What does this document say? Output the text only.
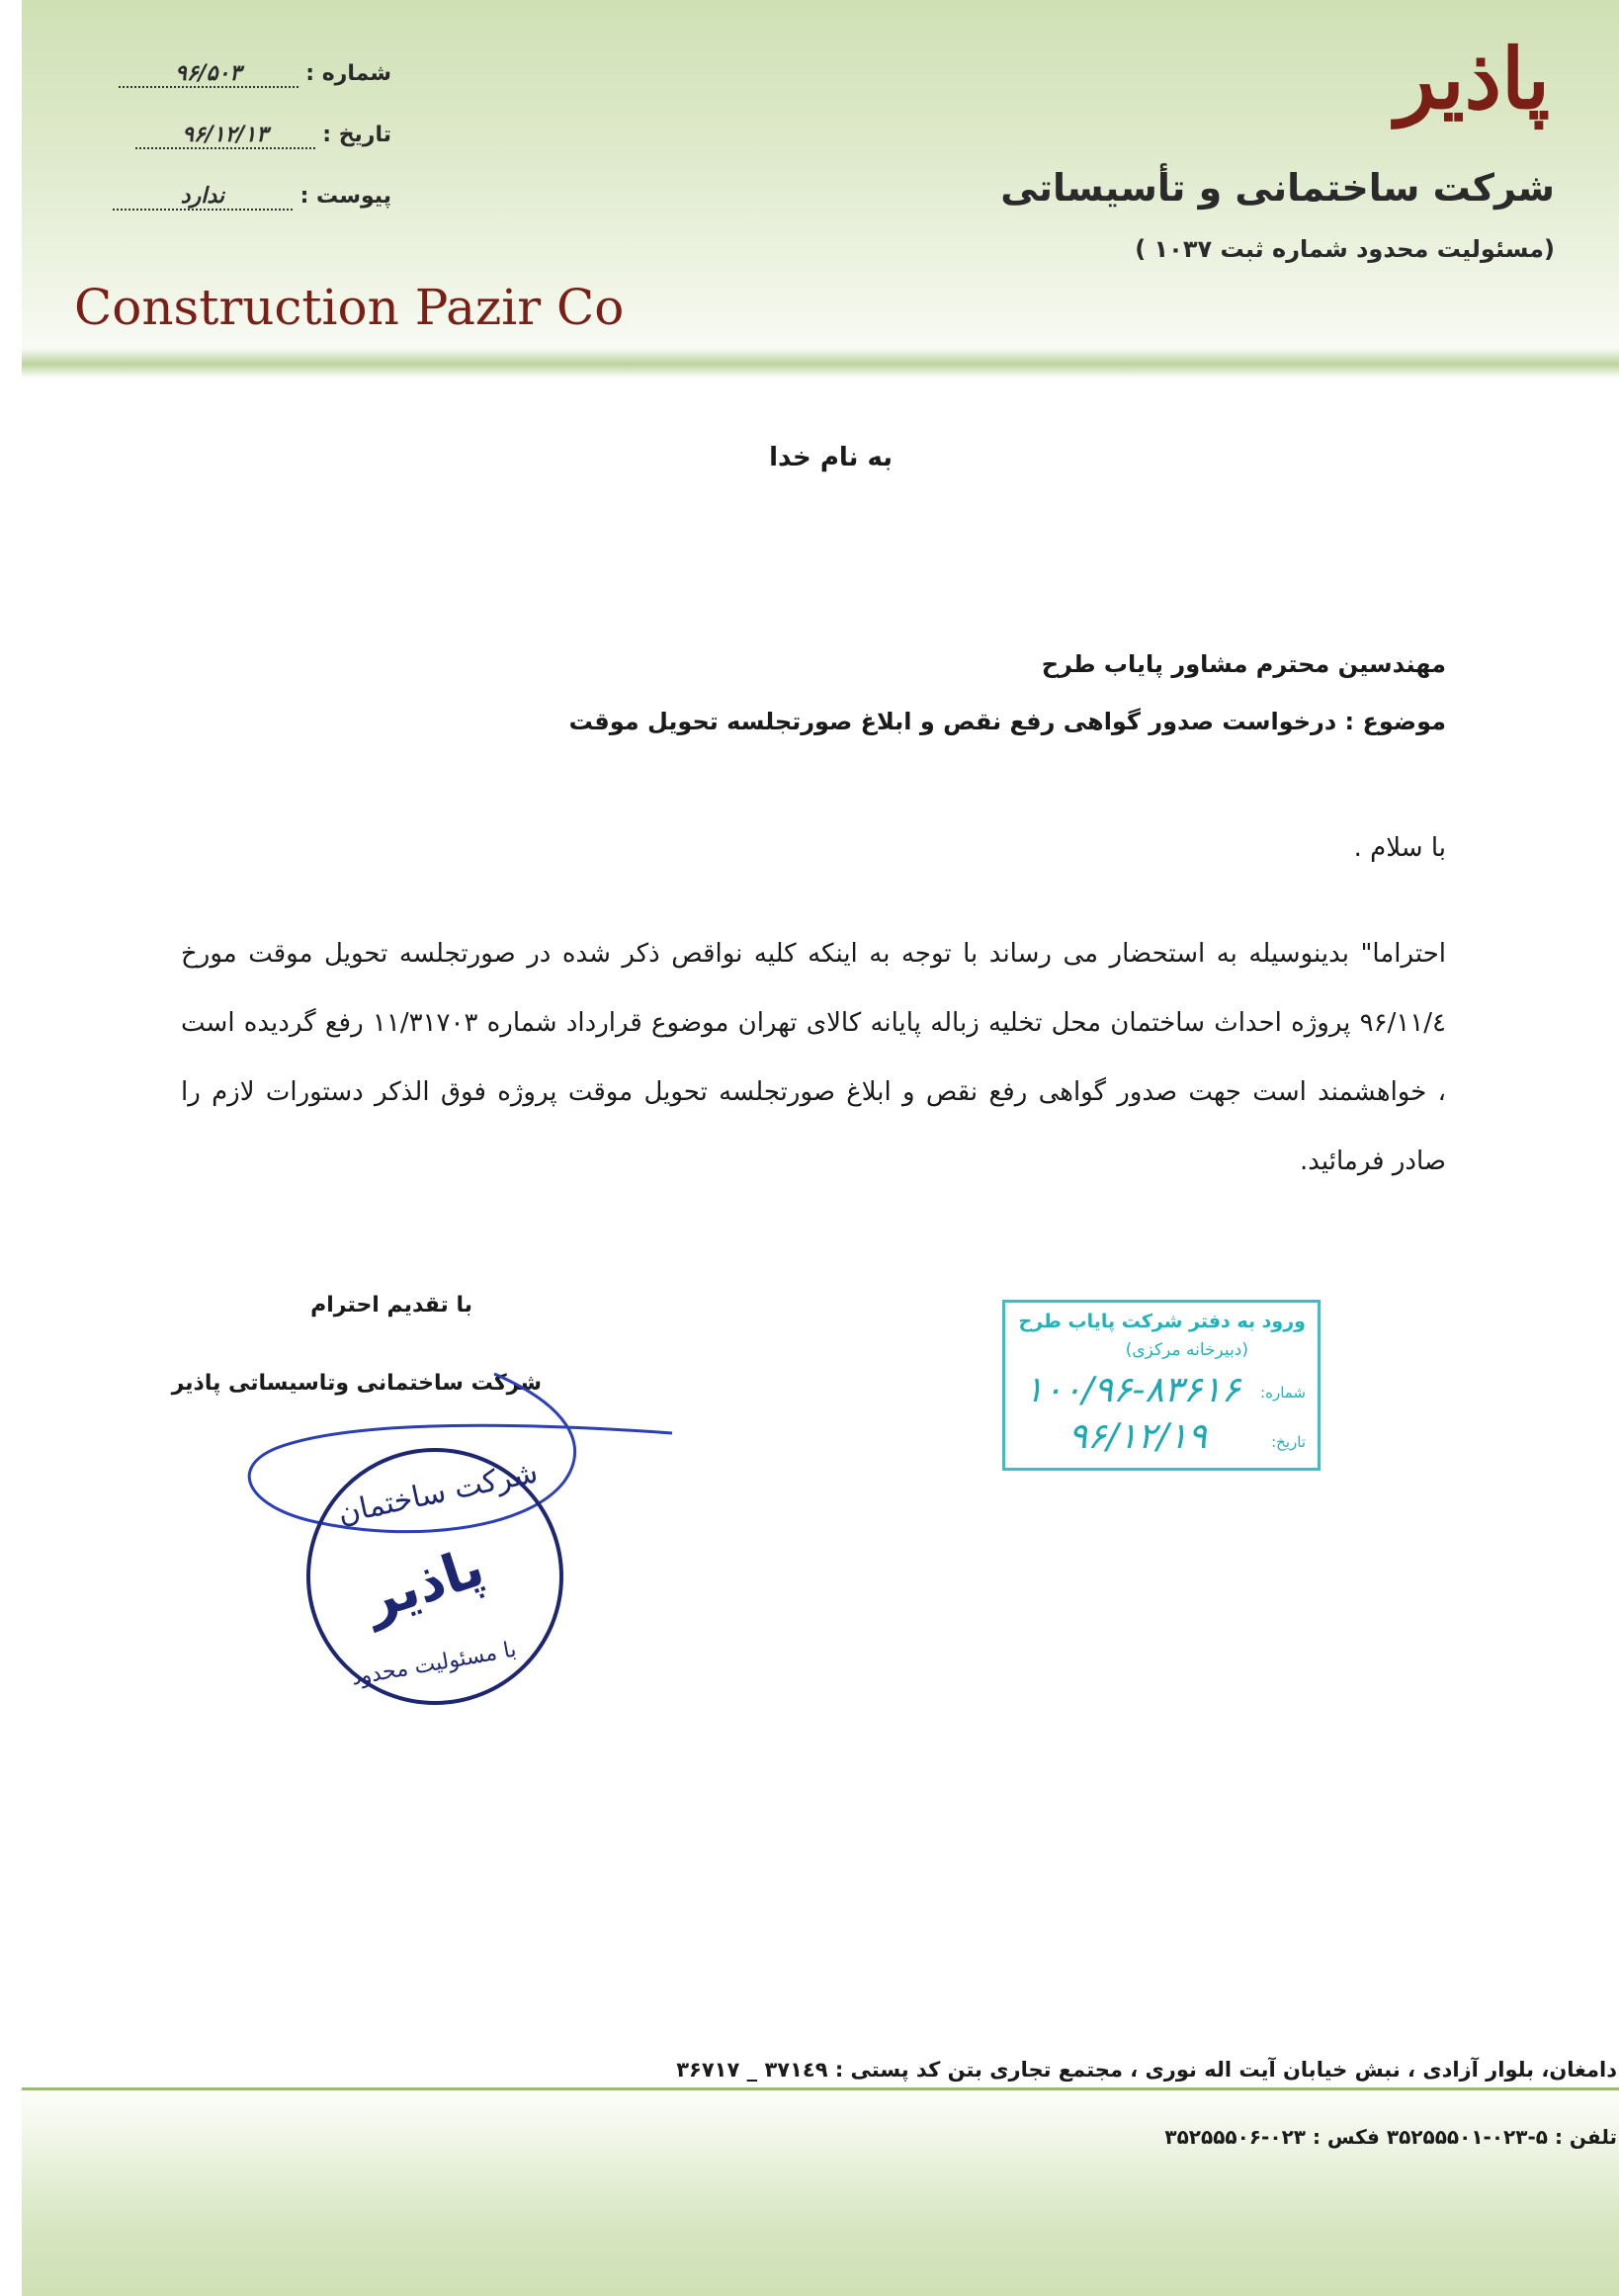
پاذیر
شرکت ساختمانی و تأسیساتی
(مسئولیت محدود شماره ثبت ۱۰۳۷ )
Construction Pazir Co
شماره : ۹۶/۵۰۳
تاریخ : ۹۶/۱۲/۱۳
پیوست : ندارد
به نام خدا
مهندسین محترم مشاور پایاب طرح
موضوع : درخواست صدور گواهی رفع نقص و ابلاغ صورتجلسه تحویل موقت
با سلام .
احتراما" بدینوسیله به استحضار می رساند با توجه به اینکه کلیه نواقص ذکر شده در صورتجلسه تحویل موقت مورخ ۹۶/۱۱/٤ پروژه احداث ساختمان محل تخلیه زباله پایانه کالای تهران موضوع قرارداد شماره ۱۱/۳۱۷۰۳ رفع گردیده است ، خواهشمند است جهت صدور گواهی رفع نقص و ابلاغ صورتجلسه تحویل موقت پروژه فوق الذکر دستورات لازم را صادر فرمائید.
با تقدیم احترام
شرکت ساختمانی وتاسیساتی پاذیر
ورود به دفتر شرکت پایاب طرح
(دبیرخانه مرکزی)
شماره:
۱۰۰/۹۶-۸۳۶۱۶
تاریخ:
۹۶/۱۲/۱۹
شرکت ساختمان
پاذیر
با مسئولیت محدود
دامغان، بلوار آزادی ، نبش خیابان آیت اله نوری ، مجتمع تجاری بتن کد پستی : ۳۷۱٤۹ _ ۳۶۷۱۷
تلفن : ۵-۰۲۳-۳۵۲۵۵۵۰۱ فکس : ۰۲۳-۳۵۲۵۵۵۰۶
